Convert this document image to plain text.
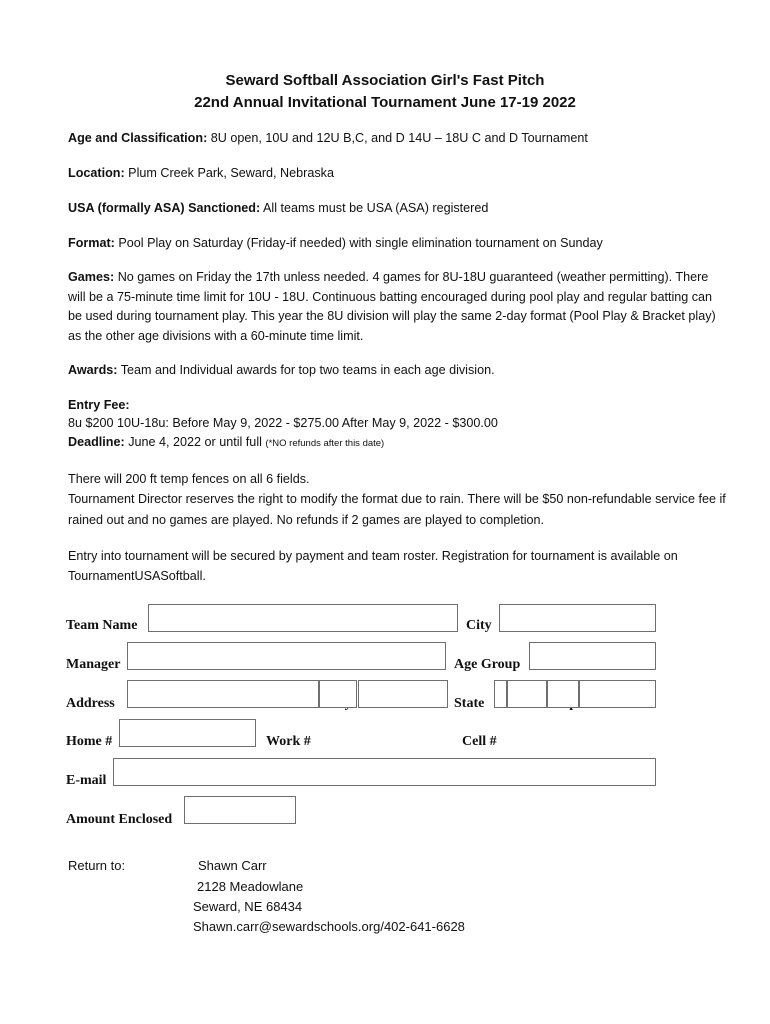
Seward Softball Association Girl's Fast Pitch
22nd Annual Invitational Tournament June 17-19 2022
Age and Classification: 8U open, 10U and 12U B,C, and D 14U – 18U C and D Tournament
Location: Plum Creek Park, Seward, Nebraska
USA (formally ASA) Sanctioned: All teams must be USA (ASA) registered
Format: Pool Play on Saturday (Friday-if needed) with single elimination tournament on Sunday
Games: No games on Friday the 17th unless needed. 4 games for 8U-18U guaranteed (weather permitting). There will be a 75-minute time limit for 10U - 18U. Continuous batting encouraged during pool play and regular batting can be used during tournament play. This year the 8U division will play the same 2-day format (Pool Play & Bracket play) as the other age divisions with a 60-minute time limit.
Awards: Team and Individual awards for top two teams in each age division.
Entry Fee:
8u $200 10U-18u: Before May 9, 2022 - $275.00 After May 9, 2022 - $300.00
Deadline: June 4, 2022 or until full (*NO refunds after this date)
There will 200 ft temp fences on all 6 fields.
Tournament Director reserves the right to modify the format due to rain. There will be $50 non-refundable service fee if rained out and no games are played. No refunds if 2 games are played to completion.
Entry into tournament will be secured by payment and team roster. Registration for tournament is available on TournamentUSASoftball.
Team Name	City
Manager	Age Group
Address	State
Home #	Work #	Cell #
E-mail
Amount Enclosed
Return to:	Shawn Carr
2128 Meadowlane
Seward, NE 68434
Shawn.carr@sewardschools.org/402-641-6628
